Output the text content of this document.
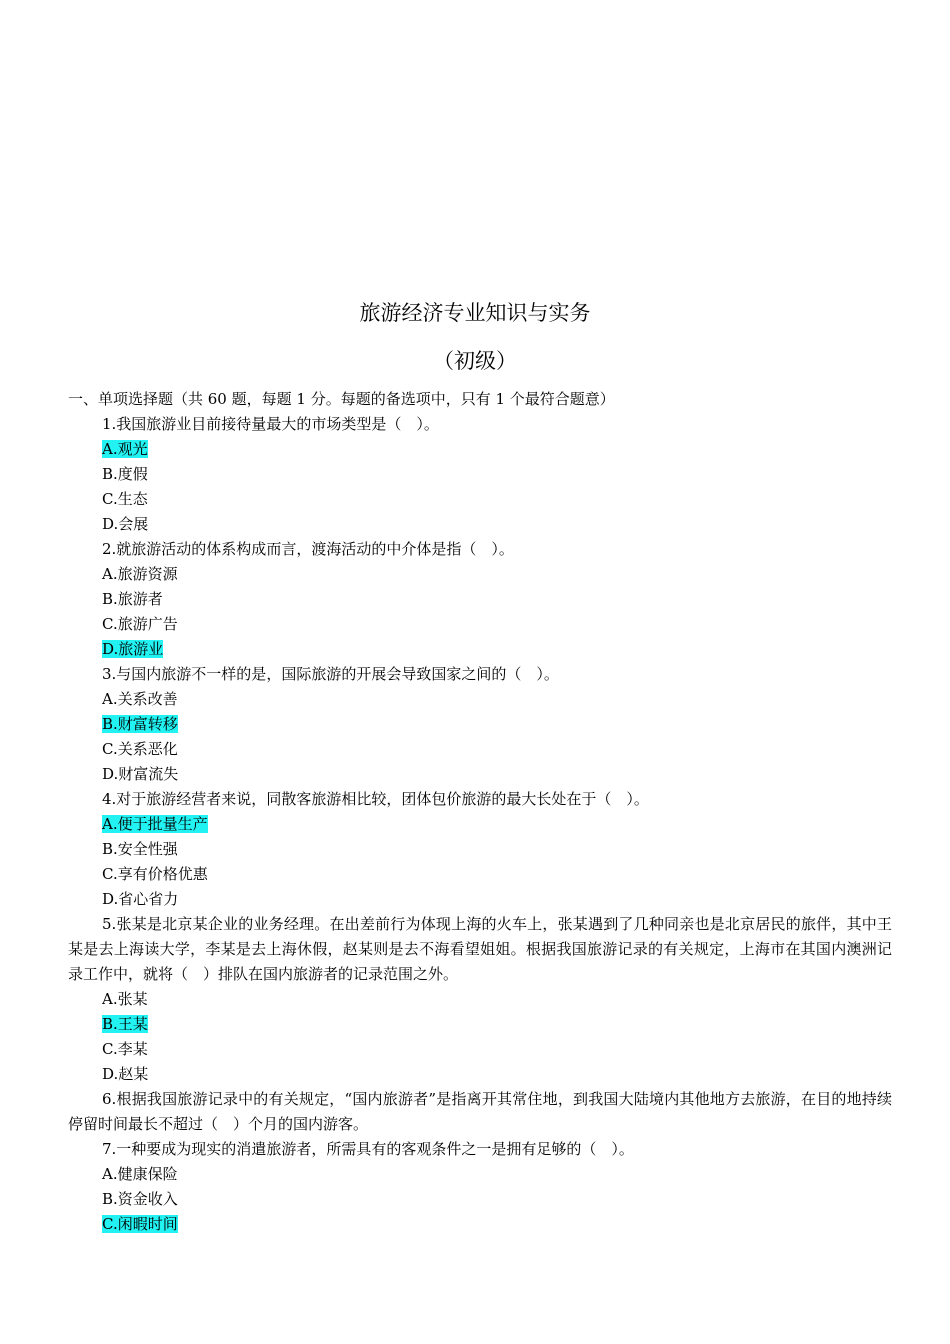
旅游经济专业知识与实务
（初级）
一、单项选择题（共 60 题，每题 1 分。每题的备选项中，只有 1 个最符合题意）
1.我国旅游业目前接待量最大的市场类型是（　）。
A.观光
B.度假
C.生态
D.会展
2.就旅游活动的体系构成而言，渡海活动的中介体是指（　）。
A.旅游资源
B.旅游者
C.旅游广告
D.旅游业
3.与国内旅游不一样的是，国际旅游的开展会导致国家之间的（　）。
A.关系改善
B.财富转移
C.关系恶化
D.财富流失
4.对于旅游经营者来说，同散客旅游相比较，团体包价旅游的最大长处在于（　）。
A.便于批量生产
B.安全性强
C.享有价格优惠
D.省心省力
5.张某是北京某企业的业务经理。在出差前行为体现上海的火车上，张某遇到了几种同亲也是北京居民的旅伴，其中王某是去上海读大学，李某是去上海休假，赵某则是去不海看望姐姐。根据我国旅游记录的有关规定，上海市在其国内澳洲记录工作中，就将（　）排队在国内旅游者的记录范围之外。
A.张某
B.王某
C.李某
D.赵某
6.根据我国旅游记录中的有关规定，“国内旅游者”是指离开其常住地，到我国大陆境内其他地方去旅游，在目的地持续停留时间最长不超过（　）个月的国内游客。
7.一种要成为现实的消遣旅游者，所需具有的客观条件之一是拥有足够的（　）。
A.健康保险
B.资金收入
C.闲暇时间
